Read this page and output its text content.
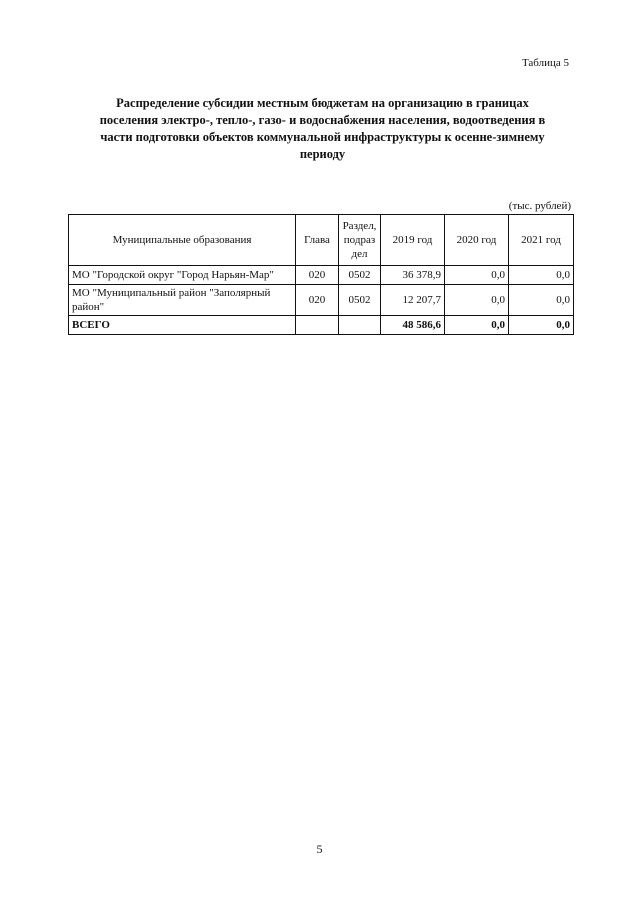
Таблица 5
Распределение субсидии местным бюджетам на организацию в границах
поселения электро-, тепло-, газо- и водоснабжения населения, водоотведения в
части подготовки объектов коммунальной инфраструктуры к осенне-зимнему
периоду
(тыс. рублей)
Муниципальные образования	Глава	Раздел,
подраз
дел	2019 год	2020 год	2021 год
МО "Городской округ "Город Нарьян-Мар"	020	0502	36 378,9	0,0	0,0

МО "Муниципальный район "Заполярный
район"	020	0502	12 207,7	0,0	0,0
ВСЕГО			48 586,6	0,0	0,0
5
